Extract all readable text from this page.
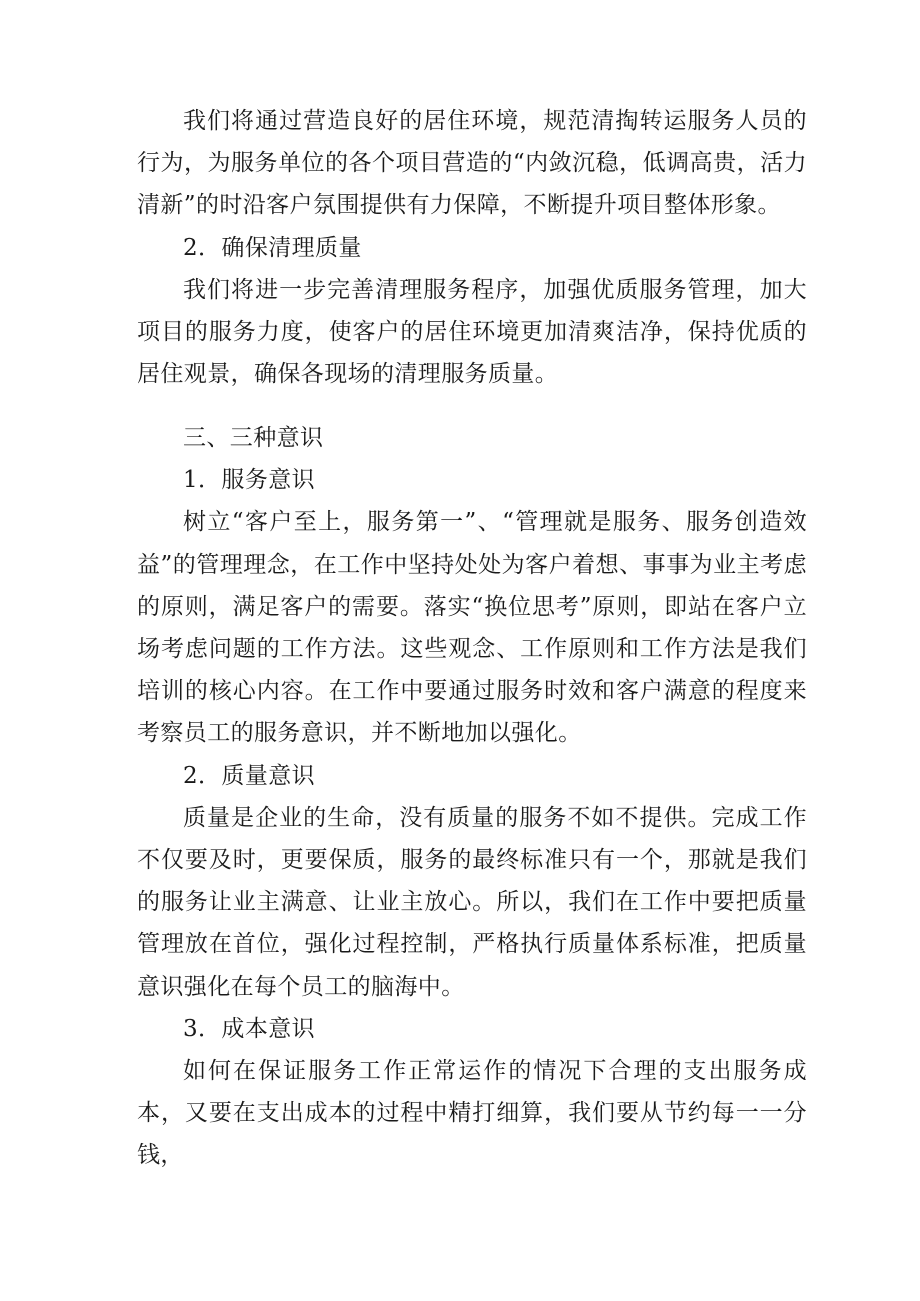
我们将通过营造良好的居住环境，规范清掏转运服务人员的行为，为服务单位的各个项目营造的“内敛沉稳，低调高贵，活力清新”的时沿客户氛围提供有力保障，不断提升项目整体形象。

2．确保清理质量

我们将进一步完善清理服务程序，加强优质服务管理，加大项目的服务力度，使客户的居住环境更加清爽洁净，保持优质的居住观景，确保各现场的清理服务质量。

三、三种意识

1．服务意识

树立“客户至上，服务第一”、“管理就是服务、服务创造效益”的管理理念，在工作中坚持处处为客户着想、事事为业主考虑的原则，满足客户的需要。落实“换位思考”原则，即站在客户立场考虑问题的工作方法。这些观念、工作原则和工作方法是我们培训的核心内容。在工作中要通过服务时效和客户满意的程度来考察员工的服务意识，并不断地加以强化。

2．质量意识

质量是企业的生命，没有质量的服务不如不提供。完成工作不仅要及时，更要保质，服务的最终标准只有一个，那就是我们的服务让业主满意、让业主放心。所以，我们在工作中要把质量管理放在首位，强化过程控制，严格执行质量体系标准，把质量意识强化在每个员工的脑海中。

3．成本意识

如何在保证服务工作正常运作的情况下合理的支出服务成本，又要在支出成本的过程中精打细算，我们要从节约每一一分钱，
